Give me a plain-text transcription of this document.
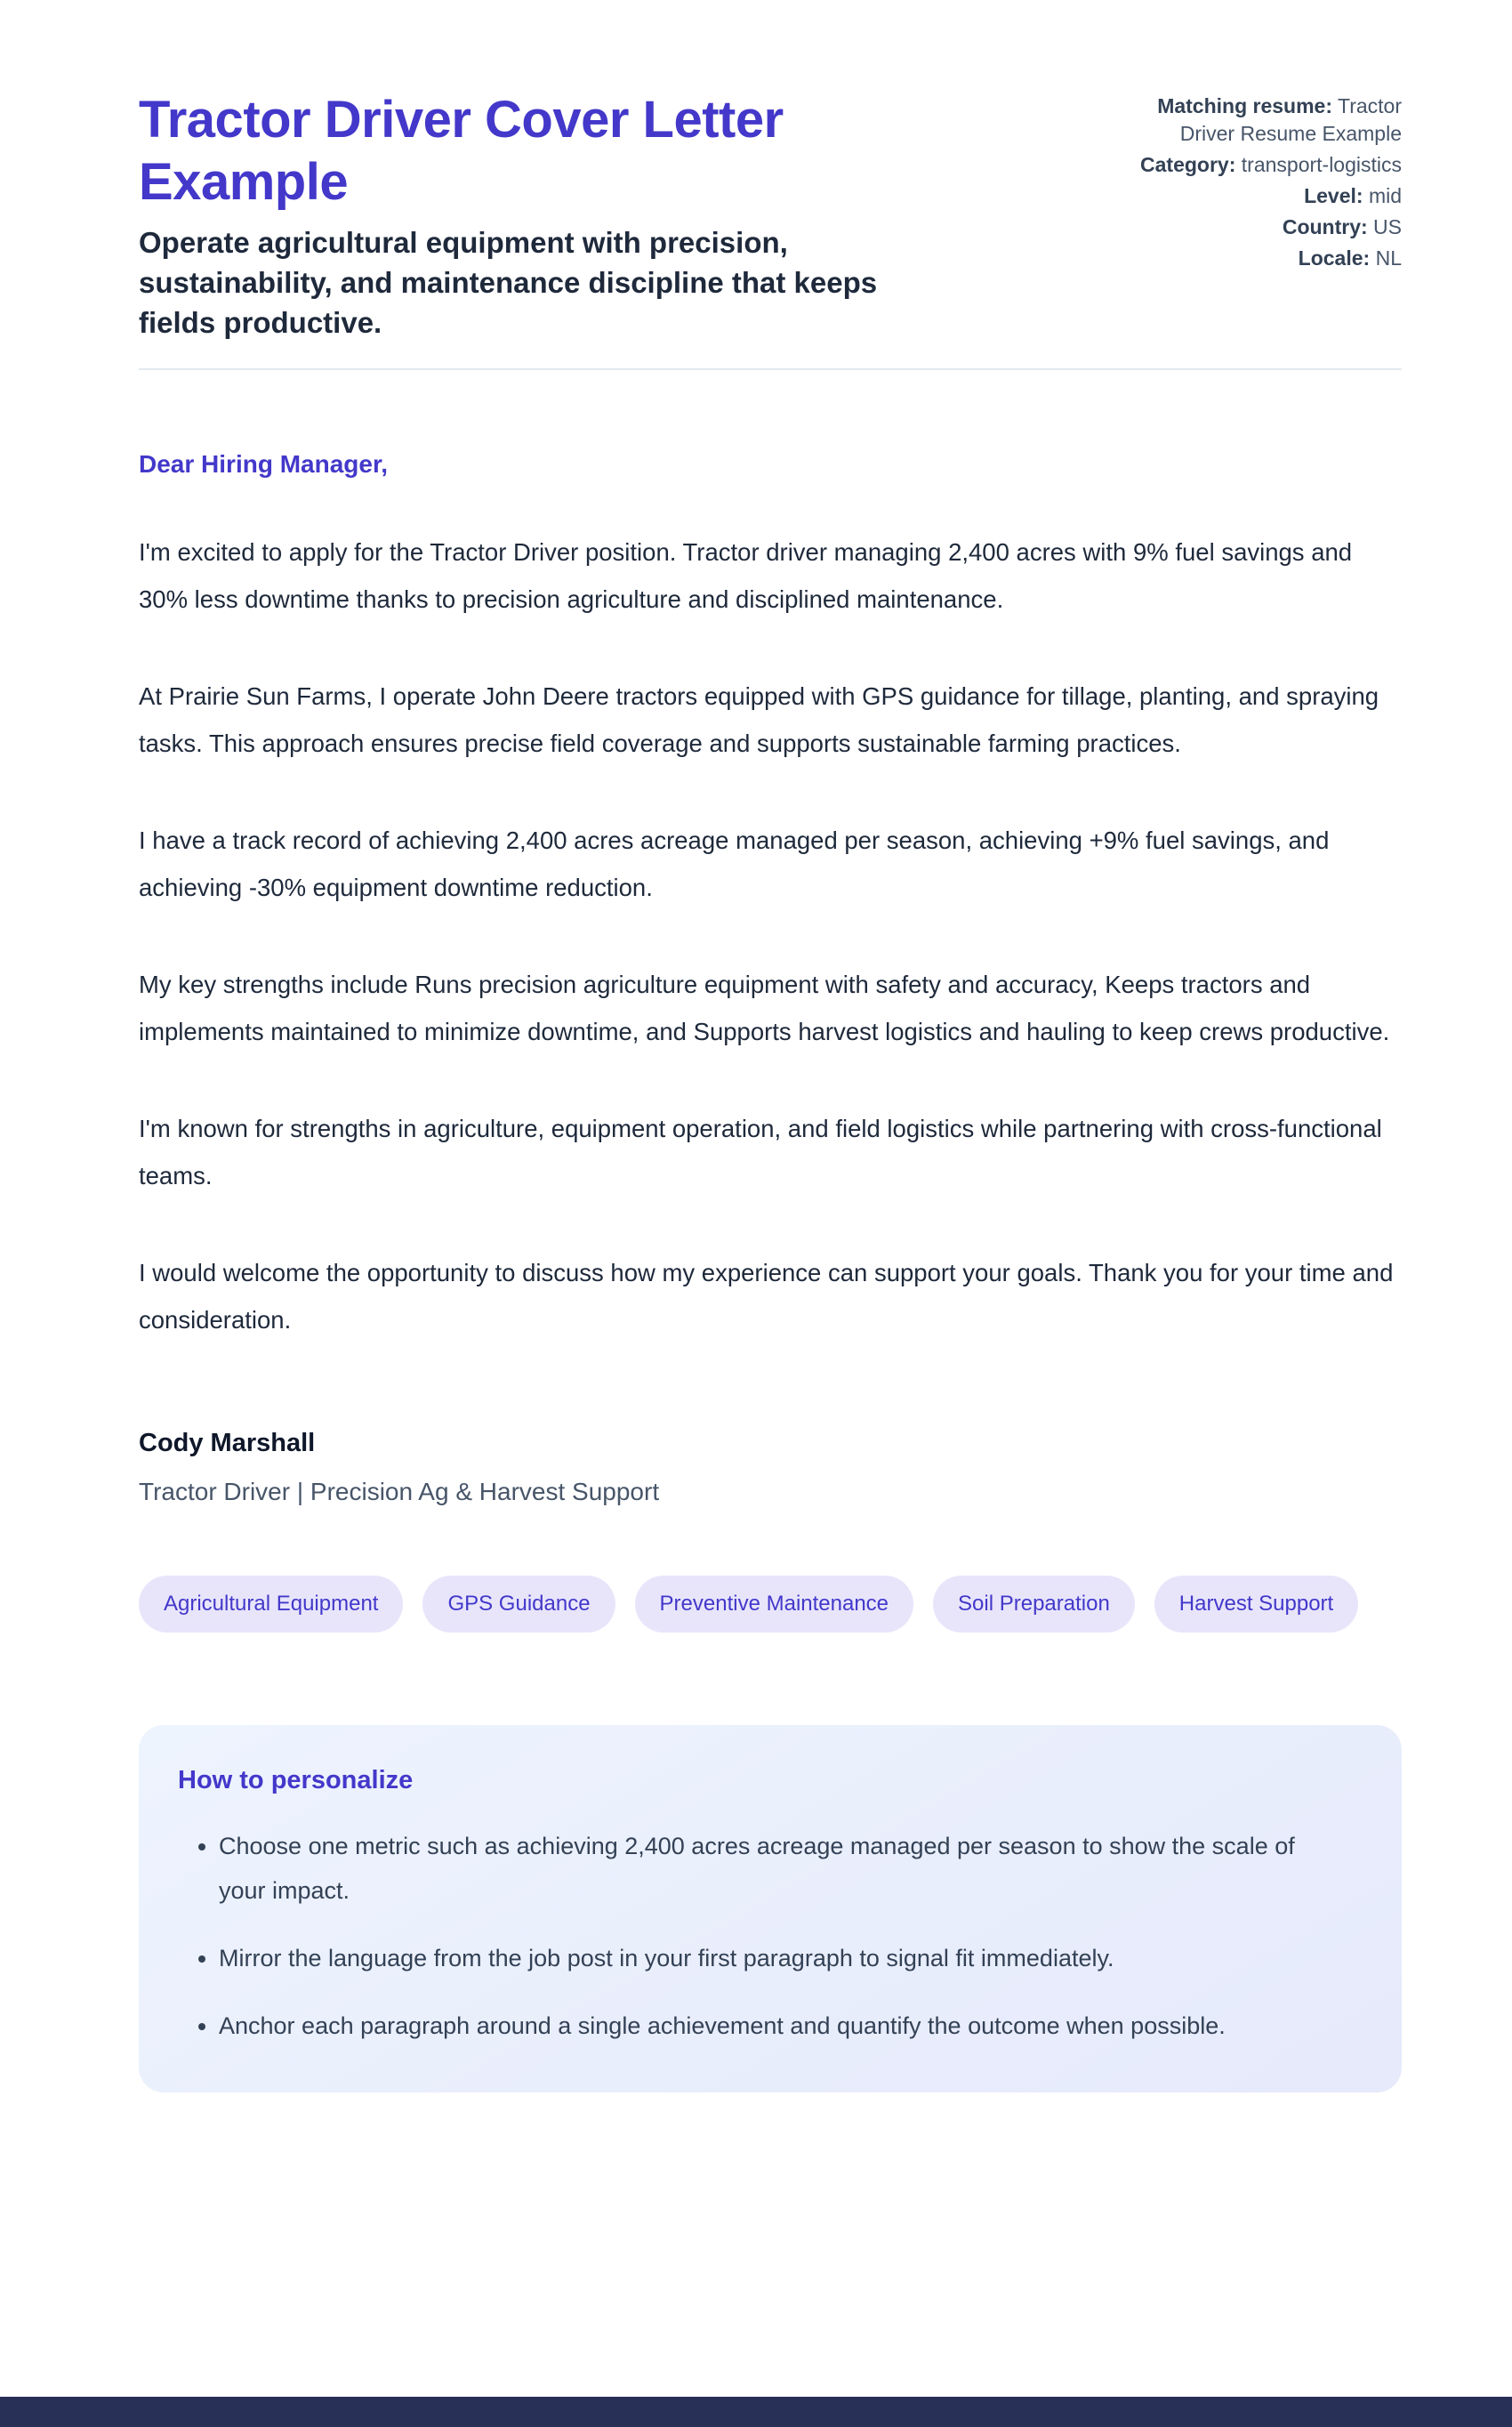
Tractor Driver Cover Letter Example

Operate agricultural equipment with precision, sustainability, and maintenance discipline that keeps fields productive.

Matching resume: Tractor Driver Resume Example
Category: transport-logistics
Level: mid
Country: US
Locale: NL

Dear Hiring Manager,

I'm excited to apply for the Tractor Driver position. Tractor driver managing 2,400 acres with 9% fuel savings and 30% less downtime thanks to precision agriculture and disciplined maintenance.

At Prairie Sun Farms, I operate John Deere tractors equipped with GPS guidance for tillage, planting, and spraying tasks. This approach ensures precise field coverage and supports sustainable farming practices.

I have a track record of achieving 2,400 acres acreage managed per season, achieving +9% fuel savings, and achieving -30% equipment downtime reduction.

My key strengths include Runs precision agriculture equipment with safety and accuracy, Keeps tractors and implements maintained to minimize downtime, and Supports harvest logistics and hauling to keep crews productive.

I'm known for strengths in agriculture, equipment operation, and field logistics while partnering with cross-functional teams.

I would welcome the opportunity to discuss how my experience can support your goals. Thank you for your time and consideration.

Cody Marshall

Tractor Driver | Precision Ag & Harvest Support

Agricultural Equipment	GPS Guidance	Preventive Maintenance	Soil Preparation	Harvest Support
How to personalize
• Choose one metric such as achieving 2,400 acres acreage managed per season to show the scale of your impact.
• Mirror the language from the job post in your first paragraph to signal fit immediately.
• Anchor each paragraph around a single achievement and quantify the outcome when possible.
